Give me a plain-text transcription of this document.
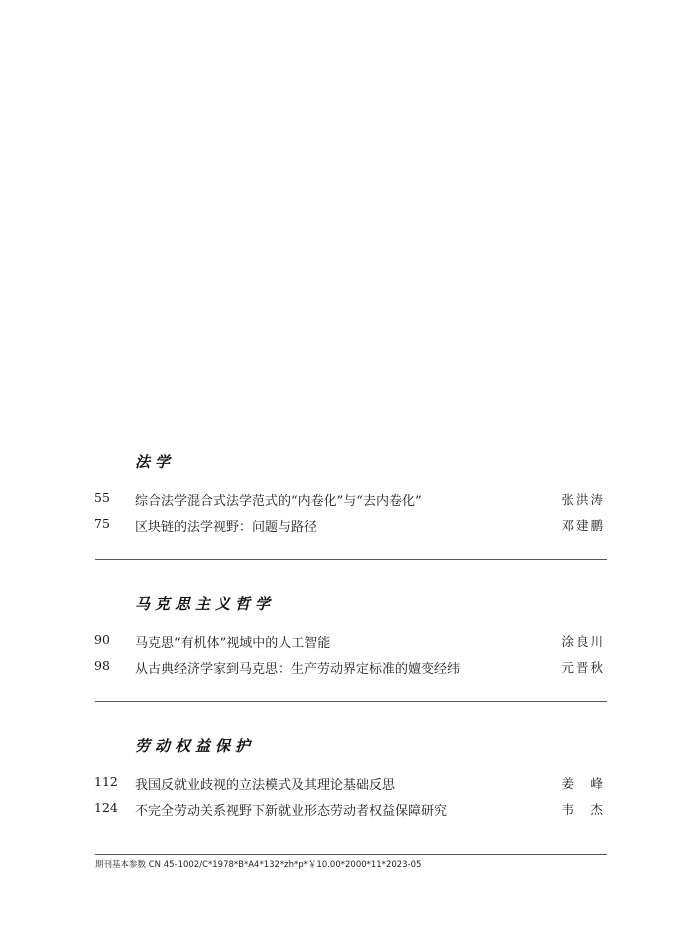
法学
55 综合法学混合式法学范式的“内卷化”与“去内卷化”	张洪涛
75 区块链的法学视野：问题与路径	邓建鹏
马克思主义哲学
90 马克思“有机体”视域中的人工智能	涂良川
98 从古典经济学家到马克思：生产劳动界定标准的嬗变经纬	元晋秋
劳动权益保护
112 我国反就业歧视的立法模式及其理论基础反思	姜　峰
124 不完全劳动关系视野下新就业形态劳动者权益保障研究	韦　杰
期刊基本参数 CN 45-1002/C*1978*B*A4*132*zh*p*￥10.00*2000*11*2023-05
